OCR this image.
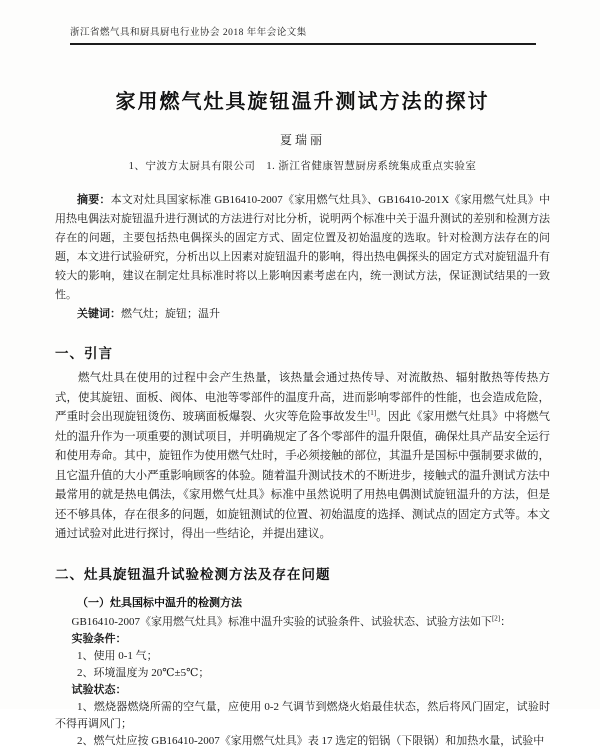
浙江省燃气具和厨具厨电行业协会 2018 年年会论文集
家用燃气灶具旋钮温升测试方法的探讨
夏瑞丽
1、宁波方太厨具有限公司　1. 浙江省健康智慧厨房系统集成重点实验室
摘要：本文对灶具国家标准 GB16410-2007《家用燃气灶具》、GB16410-201X《家用燃气灶具》中用热电偶法对旋钮温升进行测试的方法进行对比分析，说明两个标准中关于温升测试的差别和检测方法存在的问题，主要包括热电偶探头的固定方式、固定位置及初始温度的选取。针对检测方法存在的问题，本文进行试验研究，分析出以上因素对旋钮温升的影响，得出热电偶探头的固定方式对旋钮温升有较大的影响，建议在制定灶具标准时将以上影响因素考虑在内，统一测试方法，保证测试结果的一致性。
关键词：燃气灶；旋钮；温升
一、引言
燃气灶具在使用的过程中会产生热量，该热量会通过热传导、对流散热、辐射散热等传热方式，使其旋钮、面板、阀体、电池等零部件的温度升高，进而影响零部件的性能，也会造成危险，严重时会出现旋钮烫伤、玻璃面板爆裂、火灾等危险事故发生[1]。因此《家用燃气灶具》中将燃气灶的温升作为一项重要的测试项目，并明确规定了各个零部件的温升限值，确保灶具产品安全运行和使用寿命。其中，旋钮作为使用燃气灶时，手必须接触的部位，其温升是国标中强制要求做的，且它温升值的大小严重影响顾客的体验。随着温升测试技术的不断进步，接触式的温升测试方法中最常用的就是热电偶法，《家用燃气灶具》标准中虽然说明了用热电偶测试旋钮温升的方法，但是还不够具体，存在很多的问题，如旋钮测试的位置、初始温度的选择、测试点的固定方式等。本文通过试验对此进行探讨，得出一些结论，并提出建议。
二、灶具旋钮温升试验检测方法及存在问题
（一）灶具国标中温升的检测方法
GB16410-2007《家用燃气灶具》标准中温升实验的试验条件、试验状态、试验方法如下[2]：
实验条件：
1、使用 0-1 气；
2、环境温度为 20℃±5℃；
试验状态：
1、燃烧器燃烧所需的空气量，应使用 0-2 气调节到燃烧火焰最佳状态，然后将风门固定，试验时不得再调风门；
2、燃气灶应按 GB16410-2007《家用燃气灶具》表 17 选定的铝锅（下限锅）和加热水量，试验中
